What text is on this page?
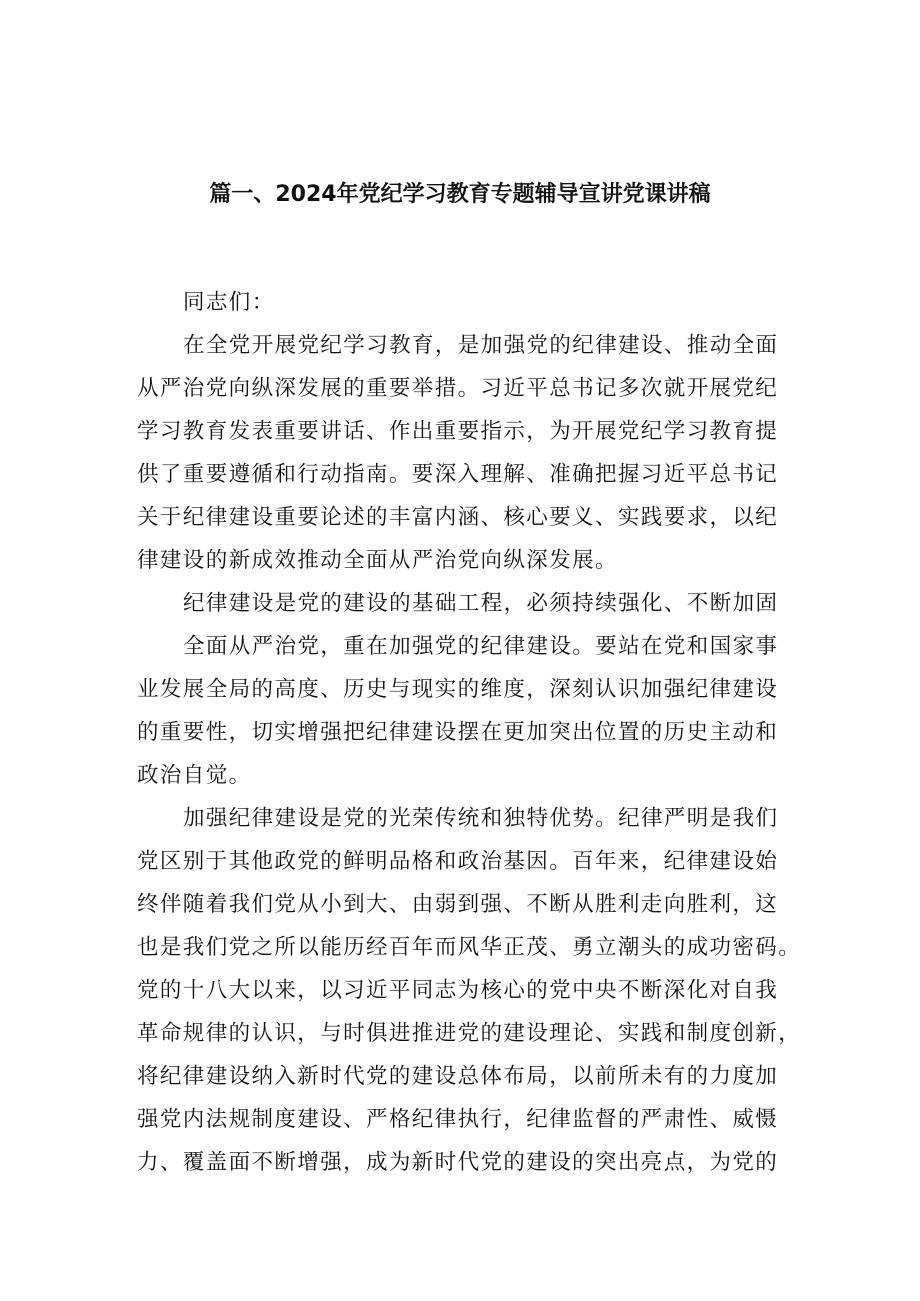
篇一、2024年党纪学习教育专题辅导宣讲党课讲稿
同志们：
在全党开展党纪学习教育，是加强党的纪律建设、推动全面
从严治党向纵深发展的重要举措。习近平总书记多次就开展党纪
学习教育发表重要讲话、作出重要指示，为开展党纪学习教育提
供了重要遵循和行动指南。要深入理解、准确把握习近平总书记
关于纪律建设重要论述的丰富内涵、核心要义、实践要求，以纪
律建设的新成效推动全面从严治党向纵深发展。
纪律建设是党的建设的基础工程，必须持续强化、不断加固
全面从严治党，重在加强党的纪律建设。要站在党和国家事
业发展全局的高度、历史与现实的维度，深刻认识加强纪律建设
的重要性，切实增强把纪律建设摆在更加突出位置的历史主动和
政治自觉。
加强纪律建设是党的光荣传统和独特优势。纪律严明是我们
党区别于其他政党的鲜明品格和政治基因。百年来，纪律建设始
终伴随着我们党从小到大、由弱到强、不断从胜利走向胜利，这
也是我们党之所以能历经百年而风华正茂、勇立潮头的成功密码。
党的十八大以来，以习近平同志为核心的党中央不断深化对自我
革命规律的认识，与时俱进推进党的建设理论、实践和制度创新，
将纪律建设纳入新时代党的建设总体布局，以前所未有的力度加
强党内法规制度建设、严格纪律执行，纪律监督的严肃性、威慑
力、覆盖面不断增强，成为新时代党的建设的突出亮点，为党的
